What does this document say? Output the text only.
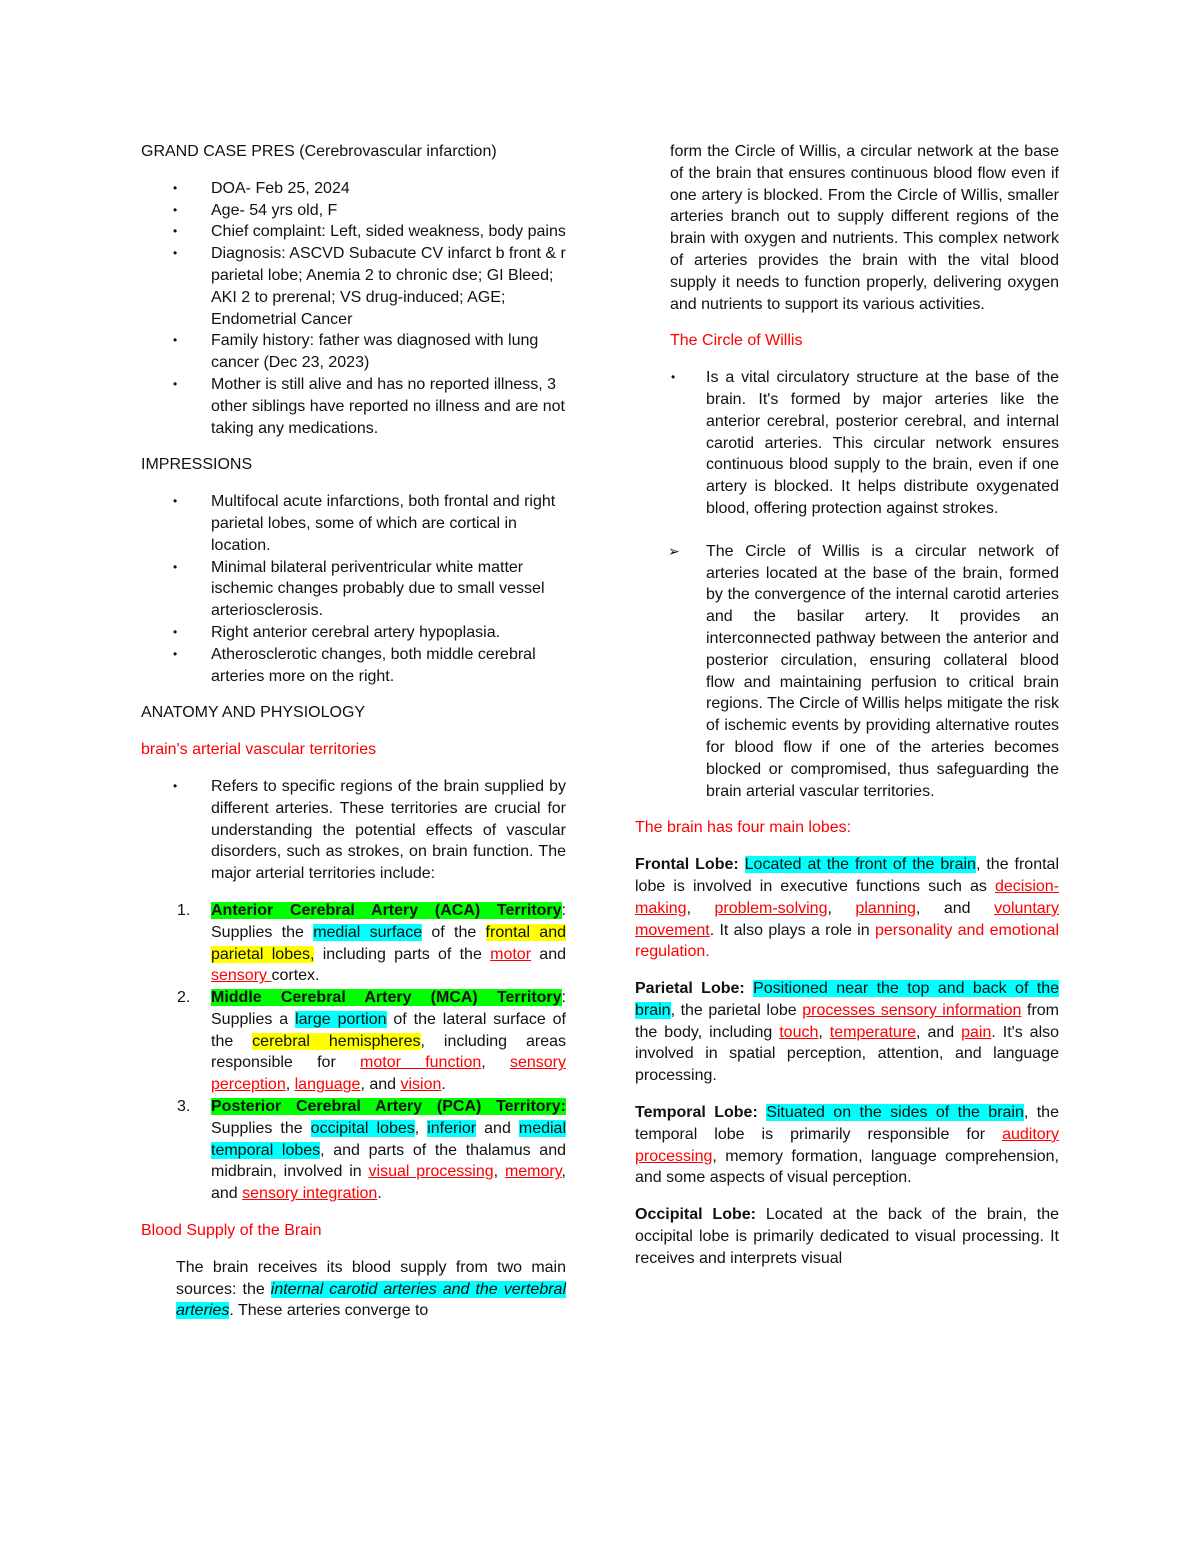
GRAND CASE PRES (Cerebrovascular infarction)

• DOA- Feb 25, 2024
• Age- 54 yrs old, F
• Chief complaint: Left, sided weakness, body pains
• Diagnosis: ASCVD Subacute CV infarct b front & r parietal lobe; Anemia 2 to chronic dse; GI Bleed; AKI 2 to prerenal; VS drug-induced; AGE; Endometrial Cancer
• Family history: father was diagnosed with lung cancer (Dec 23, 2023)
• Mother is still alive and has no reported illness, 3 other siblings have reported no illness and are not taking any medications.

IMPRESSIONS

• Multifocal acute infarctions, both frontal and right parietal lobes, some of which are cortical in location.
• Minimal bilateral periventricular white matter ischemic changes probably due to small vessel arteriosclerosis.
• Right anterior cerebral artery hypoplasia.
• Atherosclerotic changes, both middle cerebral arteries more on the right.

ANATOMY AND PHYSIOLOGY

brain's arterial vascular territories

• Refers to specific regions of the brain supplied by different arteries. These territories are crucial for understanding the potential effects of vascular disorders, such as strokes, on brain function. The major arterial territories include:
1. Anterior Cerebral Artery (ACA) Territory: Supplies the medial surface of the frontal and parietal lobes, including parts of the motor and sensory cortex.
2. Middle Cerebral Artery (MCA) Territory: Supplies a large portion of the lateral surface of the cerebral hemispheres, including areas responsible for motor function, sensory perception, language, and vision.
3. Posterior Cerebral Artery (PCA) Territory: Supplies the occipital lobes, inferior and medial temporal lobes, and parts of the thalamus and midbrain, involved in visual processing, memory, and sensory integration.

Blood Supply of the Brain

The brain receives its blood supply from two main sources: the internal carotid arteries and the vertebral arteries. These arteries converge to

form the Circle of Willis, a circular network at the base of the brain that ensures continuous blood flow even if one artery is blocked. From the Circle of Willis, smaller arteries branch out to supply different regions of the brain with oxygen and nutrients. This complex network of arteries provides the brain with the vital blood supply it needs to function properly, delivering oxygen and nutrients to support its various activities.

The Circle of Willis

• Is a vital circulatory structure at the base of the brain. It's formed by major arteries like the anterior cerebral, posterior cerebral, and internal carotid arteries. This circular network ensures continuous blood supply to the brain, even if one artery is blocked. It helps distribute oxygenated blood, offering protection against strokes.
➢ The Circle of Willis is a circular network of arteries located at the base of the brain, formed by the convergence of the internal carotid arteries and the basilar artery. It provides an interconnected pathway between the anterior and posterior circulation, ensuring collateral blood flow and maintaining perfusion to critical brain regions. The Circle of Willis helps mitigate the risk of ischemic events by providing alternative routes for blood flow if one of the arteries becomes blocked or compromised, thus safeguarding the brain arterial vascular territories.

The brain has four main lobes:

Frontal Lobe: Located at the front of the brain, the frontal lobe is involved in executive functions such as decision-making, problem-solving, planning, and voluntary movement. It also plays a role in personality and emotional regulation.

Parietal Lobe: Positioned near the top and back of the brain, the parietal lobe processes sensory information from the body, including touch, temperature, and pain. It's also involved in spatial perception, attention, and language processing.

Temporal Lobe: Situated on the sides of the brain, the temporal lobe is primarily responsible for auditory processing, memory formation, language comprehension, and some aspects of visual perception.

Occipital Lobe: Located at the back of the brain, the occipital lobe is primarily dedicated to visual processing. It receives and interprets visual
